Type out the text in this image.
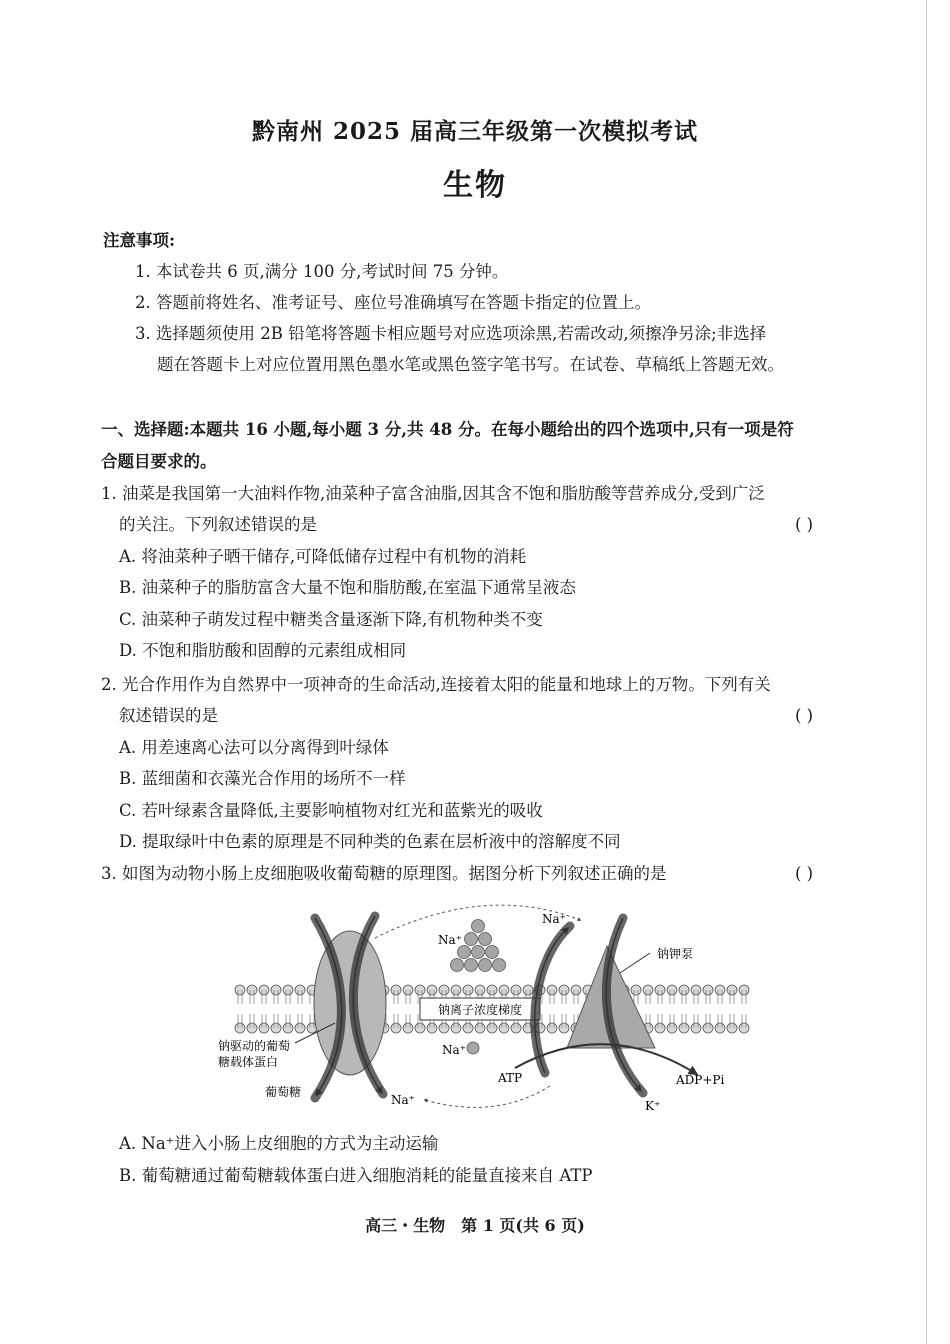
黔南州 2025 届高三年级第一次模拟考试
生物
注意事项:
1. 本试卷共 6 页,满分 100 分,考试时间 75 分钟。
2. 答题前将姓名、准考证号、座位号准确填写在答题卡指定的位置上。
3. 选择题须使用 2B 铅笔将答题卡相应题号对应选项涂黑,若需改动,须擦净另涂;非选择
题在答题卡上对应位置用黑色墨水笔或黑色签字笔书写。在试卷、草稿纸上答题无效。
一、选择题:本题共 16 小题,每小题 3 分,共 48 分。在每小题给出的四个选项中,只有一项是符
合题目要求的。
1. 油菜是我国第一大油料作物,油菜种子富含油脂,因其含不饱和脂肪酸等营养成分,受到广泛
的关注。下列叙述错误的是	( )
A. 将油菜种子晒干储存,可降低储存过程中有机物的消耗
B. 油菜种子的脂肪富含大量不饱和脂肪酸,在室温下通常呈液态
C. 油菜种子萌发过程中糖类含量逐渐下降,有机物种类不变
D. 不饱和脂肪酸和固醇的元素组成相同
2. 光合作用作为自然界中一项神奇的生命活动,连接着太阳的能量和地球上的万物。下列有关
叙述错误的是	( )
A. 用差速离心法可以分离得到叶绿体
B. 蓝细菌和衣藻光合作用的场所不一样
C. 若叶绿素含量降低,主要影响植物对红光和蓝紫光的吸收
D. 提取绿叶中色素的原理是不同种类的色素在层析液中的溶解度不同
3. 如图为动物小肠上皮细胞吸收葡萄糖的原理图。据图分析下列叙述正确的是	( )
Na⁺
钠离子浓度梯度
Na⁺
钠钾泵
Na⁺
钠驱动的葡萄
糖载体蛋白
葡萄糖
Na⁺
ATP	ADP+Pi
K⁺
A. Na⁺进入小肠上皮细胞的方式为主动运输
B. 葡萄糖通过葡萄糖载体蛋白进入细胞消耗的能量直接来自 ATP
高三・生物　第 1 页(共 6 页)
